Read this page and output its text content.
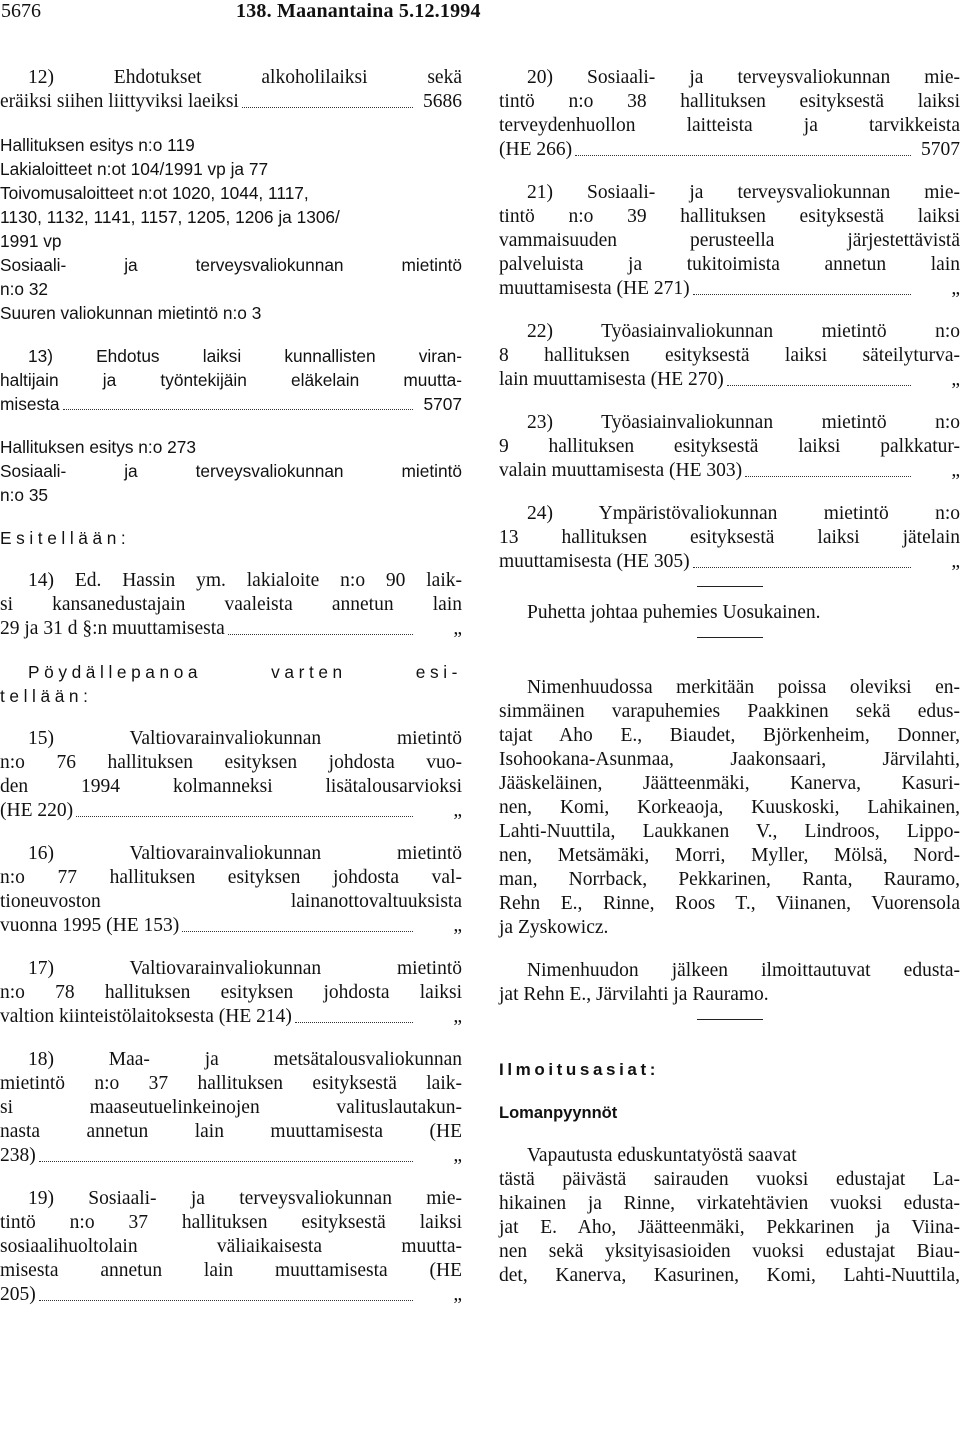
5676	138. Maanantaina 5.12.1994
12) Ehdotukset alkoholilaiksi sekä
eräiksi siihen liittyviksi laeiksi	5686
Hallituksen esitys n:o 119
Lakialoitteet n:ot 104/1991 vp ja 77
Toivomusaloitteet n:ot 1020, 1044, 1117,
1130, 1132, 1141, 1157, 1205, 1206 ja 1306/
1991 vp
Sosiaali- ja terveysvaliokunnan mietintö
n:o 32
Suuren valiokunnan mietintö n:o 3
13) Ehdotus laiksi kunnallisten viran-
haltijain ja työntekijäin eläkelain muutta-
misesta	5707
Hallituksen esitys n:o 273
Sosiaali- ja terveysvaliokunnan mietintö
n:o 35
Esitellään:
14) Ed. Hassin ym. lakialoite n:o 90 laik-
si kansanedustajain vaaleista annetun lain
29 ja 31 d §:n muuttamisesta	„
Pöydällepanoa varten esi-
tellään:
15) Valtiovarainvaliokunnan mietintö
n:o 76 hallituksen esityksen johdosta vuo-
den 1994 kolmanneksi lisätalousarvioksi
(HE 220)	„
16) Valtiovarainvaliokunnan mietintö
n:o 77 hallituksen esityksen johdosta val-
tioneuvoston lainanottovaltuuksista
vuonna 1995 (HE 153)	„
17) Valtiovarainvaliokunnan mietintö
n:o 78 hallituksen esityksen johdosta laiksi
valtion kiinteistölaitoksesta (HE 214)	„
18) Maa- ja metsätalousvaliokunnan
mietintö n:o 37 hallituksen esityksestä laik-
si maaseutuelinkeinojen valituslautakun-
nasta annetun lain muuttamisesta (HE
238)	„
19) Sosiaali- ja terveysvaliokunnan mie-
tintö n:o 37 hallituksen esityksestä laiksi
sosiaalihuoltolain väliaikaisesta muutta-
misesta annetun lain muuttamisesta (HE
205)	„
20) Sosiaali- ja terveysvaliokunnan mie-
tintö n:o 38 hallituksen esityksestä laiksi
terveydenhuollon laitteista ja tarvikkeista
(HE 266)	5707
21) Sosiaali- ja terveysvaliokunnan mie-
tintö n:o 39 hallituksen esityksestä laiksi
vammaisuuden perusteella järjestettävistä
palveluista ja tukitoimista annetun lain
muuttamisesta (HE 271)	„
22) Työasiainvaliokunnan mietintö n:o
8 hallituksen esityksestä laiksi säteilyturva-
lain muuttamisesta (HE 270)	„
23) Työasiainvaliokunnan mietintö n:o
9 hallituksen esityksestä laiksi palkkatur-
valain muuttamisesta (HE 303)	„
24) Ympäristövaliokunnan mietintö n:o
13 hallituksen esityksestä laiksi jätelain
muuttamisesta (HE 305)	„
Puhetta johtaa puhemies Uosukainen.
Nimenhuudossa merkitään poissa oleviksi en-
simmäinen varapuhemies Paakkinen sekä edus-
tajat Aho E., Biaudet, Björkenheim, Donner,
Isohookana-Asunmaa, Jaakonsaari, Järvilahti,
Jääskeläinen, Jäätteenmäki, Kanerva, Kasuri-
nen, Komi, Korkeaoja, Kuuskoski, Lahikainen,
Lahti-Nuuttila, Laukkanen V., Lindroos, Lippo-
nen, Metsämäki, Morri, Myller, Mölsä, Nord-
man, Norrback, Pekkarinen, Ranta, Rauramo,
Rehn E., Rinne, Roos T., Viinanen, Vuorensola
ja Zyskowicz.
Nimenhuudon jälkeen ilmoittautuvat edusta-
jat Rehn E., Järvilahti ja Rauramo.
Ilmoitusasiat:
Lomanpyynnöt
Vapautusta eduskuntatyöstä saavat
tästä päivästä sairauden vuoksi edustajat La-
hikainen ja Rinne, virkatehtävien vuoksi edusta-
jat E. Aho, Jäätteenmäki, Pekkarinen ja Viina-
nen sekä yksityisasioiden vuoksi edustajat Biau-
det, Kanerva, Kasurinen, Komi, Lahti-Nuuttila,
